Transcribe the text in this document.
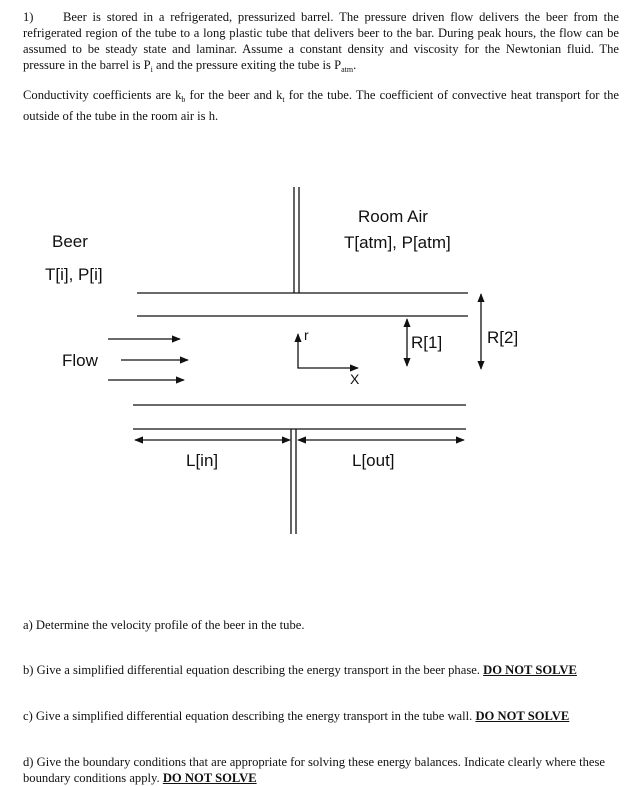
1) Beer is stored in a refrigerated, pressurized barrel. The pressure driven flow delivers the beer from the refrigerated region of the tube to a long plastic tube that delivers beer to the bar. During peak hours, the flow can be assumed to be steady state and laminar. Assume a constant density and viscosity for the Newtonian fluid. The pressure in the barrel is $P_i$ and the pressure exiting the tube is $P_{atm}$.
Conductivity coefficients are $k_b$ for the beer and $k_t$ for the tube. The coefficient of convective heat transport for the outside of the tube in the room air is h.
Beer
T[i], P[i]
Room Air
T[atm], P[atm]
Flow
r
X
R[1]	R[2]
L[in]	L[out]
a) Determine the velocity profile of the beer in the tube.
b) Give a simplified differential equation describing the energy transport in the beer phase. DO NOT SOLVE
c) Give a simplified differential equation describing the energy transport in the tube wall. DO NOT SOLVE
d) Give the boundary conditions that are appropriate for solving these energy balances. Indicate clearly where these boundary conditions apply. DO NOT SOLVE
